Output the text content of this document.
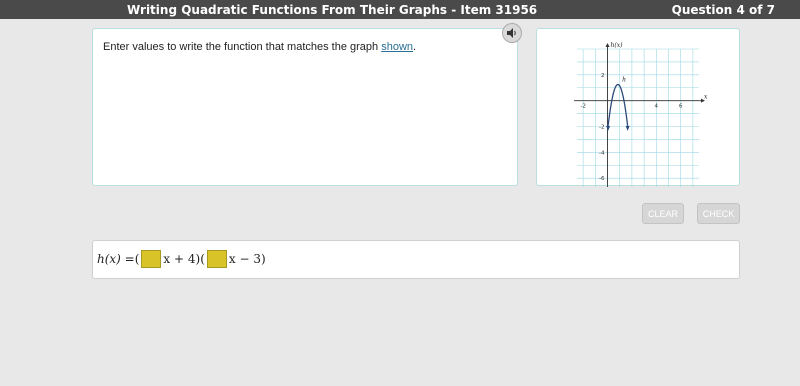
Writing Quadratic Functions From Their Graphs - Item 31956	Question 4 of 7
Enter values to write the function that matches the graph shown.
-2	4	6
2
-2
-4
-6
h(x)
x
h
CLEAR	CHECK
h(x) = ( x + 4) ( x − 3)
